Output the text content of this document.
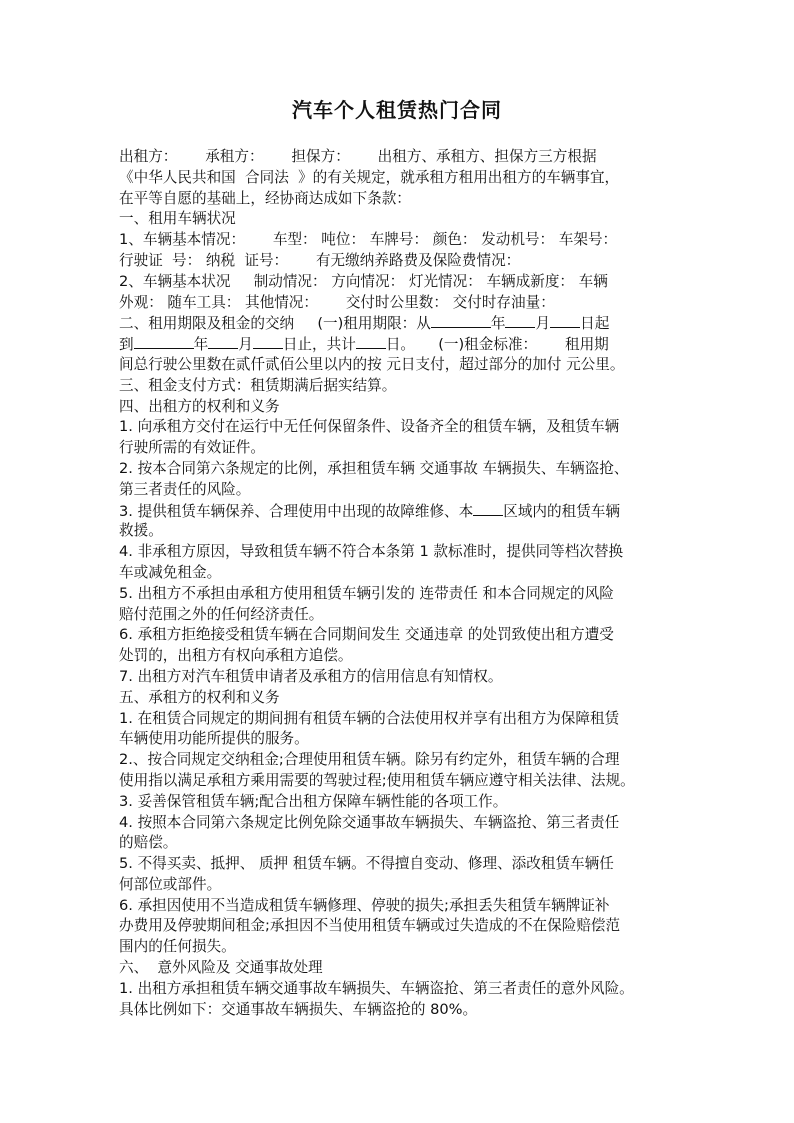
汽车个人租赁热门合同
出租方：      承租方：      担保方：      出租方、承租方、担保方三方根据
《中华人民共和国  合同法  》的有关规定，就承租方租用出租方的车辆事宜，
在平等自愿的基础上，经协商达成如下条款：
一、租用车辆状况
1、车辆基本情况：      车型： 吨位： 车牌号： 颜色： 发动机号： 车架号：
行驶证  号： 纳税  证号：      有无缴纳养路费及保险费情况：
2、车辆基本状况     制动情况： 方向情况： 灯光情况： 车辆成新度： 车辆
外观： 随车工具： 其他情况：      交付时公里数： 交付时存油量：
二、租用期限及租金的交纳     (一)租用期限：从	年 月 日起
到	年 月 日止，共计 日。     (一)租金标准：      租用期
间总行驶公里数在贰仟贰佰公里以内的按 元日支付，超过部分的加付 元公里。
三、租金支付方式：租赁期满后据实结算。
四、出租方的权利和义务
1. 向承租方交付在运行中无任何保留条件、设备齐全的租赁车辆，及租赁车辆
行驶所需的有效证件。
2. 按本合同第六条规定的比例，承担租赁车辆 交通事故 车辆损失、车辆盗抢、
第三者责任的风险。
3. 提供租赁车辆保养、合理使用中出现的故障维修、本 区域内的租赁车辆
救援。
4. 非承租方原因，导致租赁车辆不符合本条第 1 款标准时，提供同等档次替换
车或减免租金。
5. 出租方不承担由承租方使用租赁车辆引发的 连带责任 和本合同规定的风险
赔付范围之外的任何经济责任。
6. 承租方拒绝接受租赁车辆在合同期间发生 交通违章 的处罚致使出租方遭受
处罚的，出租方有权向承租方追偿。
7. 出租方对汽车租赁申请者及承租方的信用信息有知情权。
五、承租方的权利和义务
1. 在租赁合同规定的期间拥有租赁车辆的合法使用权并享有出租方为保障租赁
车辆使用功能所提供的服务。
2.、按合同规定交纳租金;合理使用租赁车辆。除另有约定外，租赁车辆的合理
使用指以满足承租方乘用需要的驾驶过程;使用租赁车辆应遵守相关法律、法规。
3. 妥善保管租赁车辆;配合出租方保障车辆性能的各项工作。
4. 按照本合同第六条规定比例免除交通事故车辆损失、车辆盗抢、第三者责任
的赔偿。
5. 不得买卖、抵押、 质押 租赁车辆。不得擅自变动、修理、添改租赁车辆任
何部位或部件。
6. 承担因使用不当造成租赁车辆修理、停驶的损失;承担丢失租赁车辆牌证补
办费用及停驶期间租金;承担因不当使用租赁车辆或过失造成的不在保险赔偿范
围内的任何损失。
六、  意外风险及 交通事故处理
1. 出租方承担租赁车辆交通事故车辆损失、车辆盗抢、第三者责任的意外风险。
具体比例如下：交通事故车辆损失、车辆盗抢的 80%。
